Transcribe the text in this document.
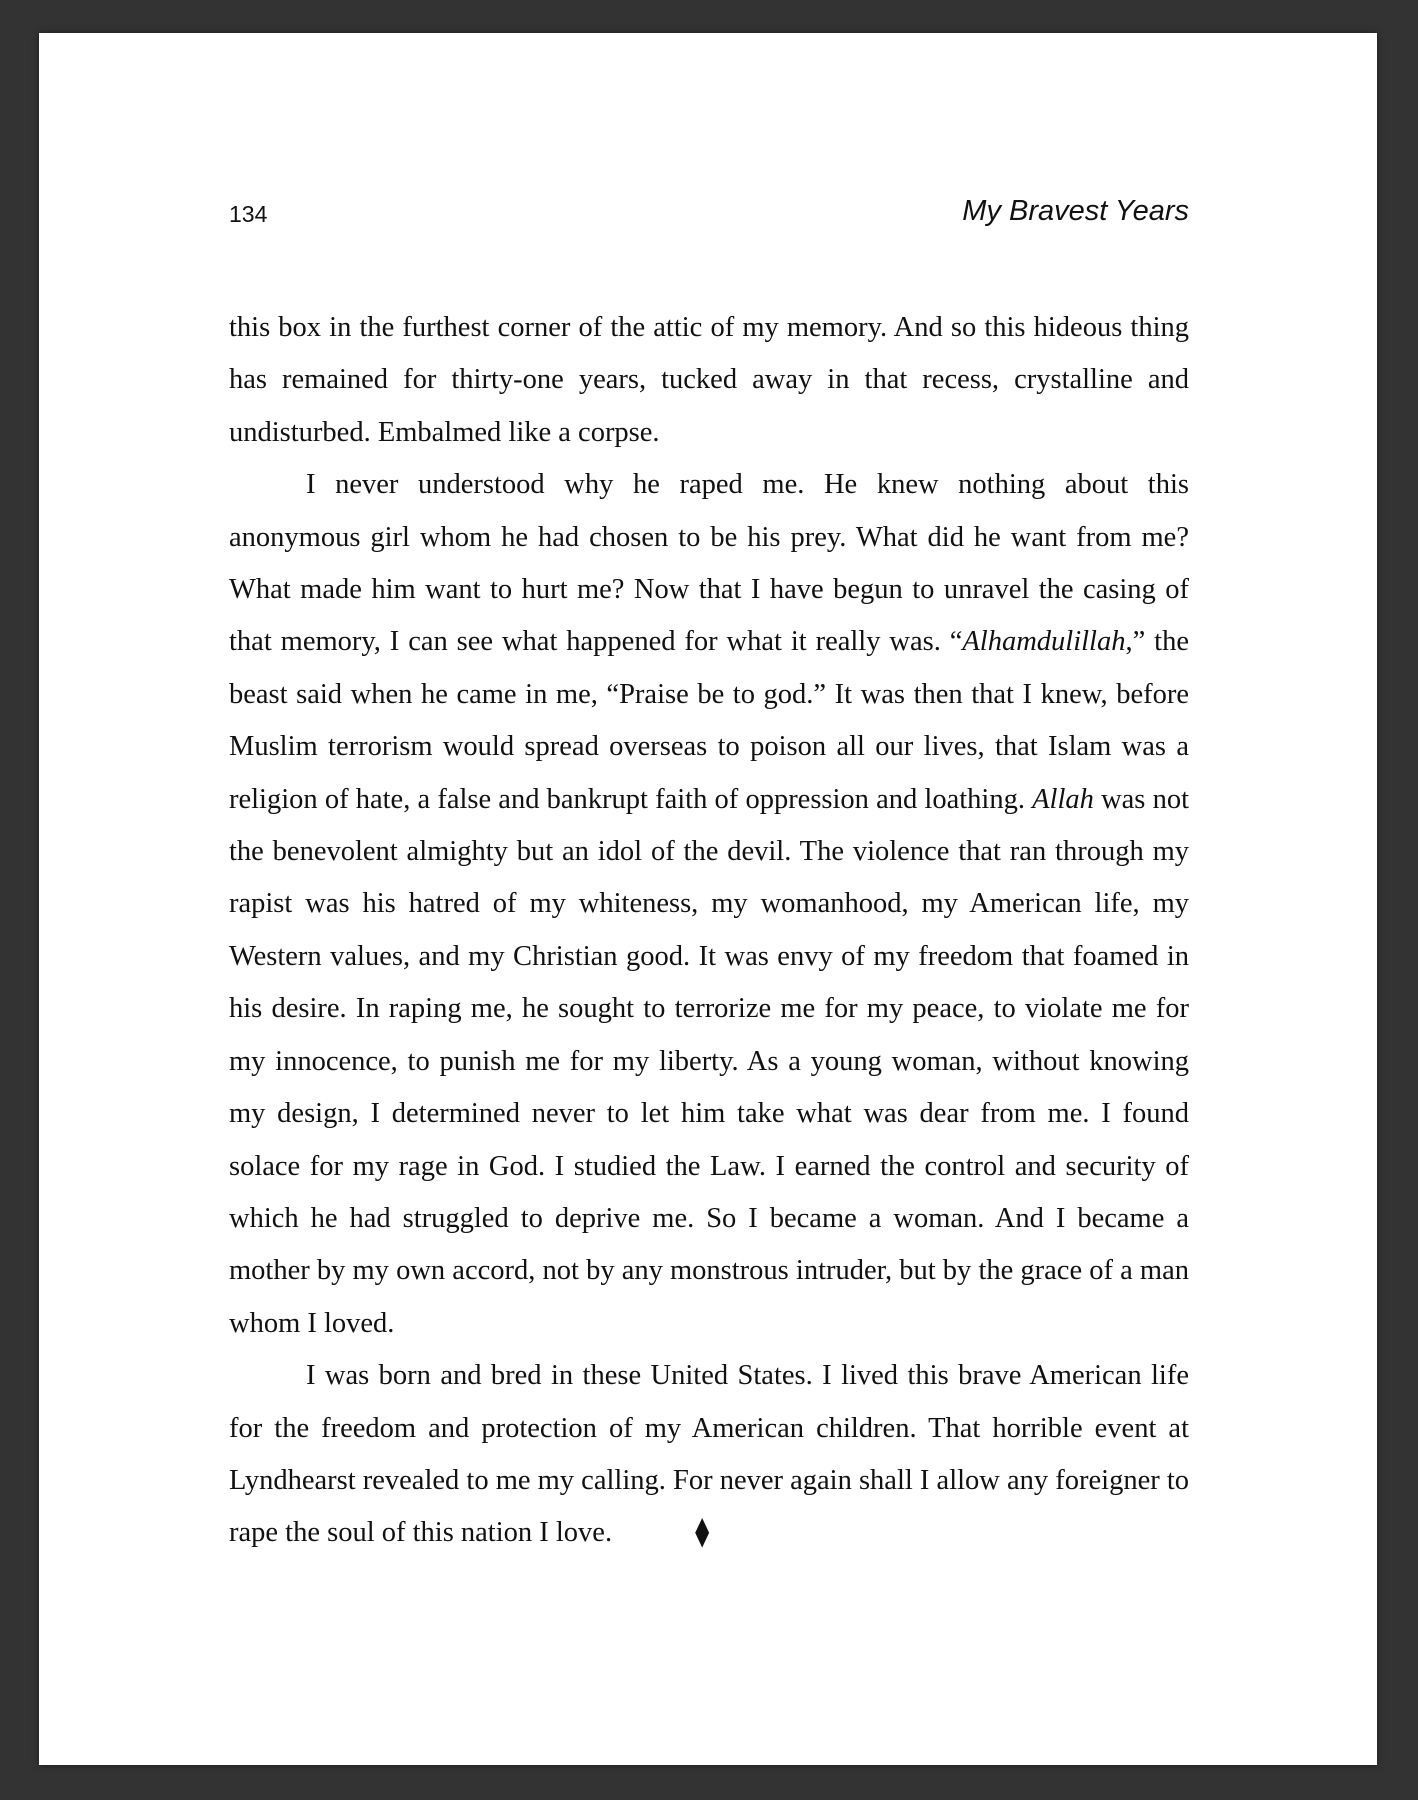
134	My Bravest Years

this box in the furthest corner of the attic of my memory. And so this hideous thing has remained for thirty-one years, tucked away in that recess, crystalline and undisturbed. Embalmed like a corpse.

I never understood why he raped me. He knew nothing about this anonymous girl whom he had chosen to be his prey. What did he want from me? What made him want to hurt me? Now that I have begun to unravel the casing of that memory, I can see what happened for what it really was. “Alhamdulillah,” the beast said when he came in me, “Praise be to god.” It was then that I knew, before Muslim terrorism would spread overseas to poison all our lives, that Islam was a religion of hate, a false and bankrupt faith of oppression and loathing. Allah was not the benevolent almighty but an idol of the devil. The violence that ran through my rapist was his hatred of my whiteness, my womanhood, my American life, my Western values, and my Christian good. It was envy of my freedom that foamed in his desire. In raping me, he sought to terrorize me for my peace, to violate me for my innocence, to punish me for my liberty. As a young woman, without knowing my design, I determined never to let him take what was dear from me. I found solace for my rage in God. I studied the Law. I earned the control and security of which he had struggled to deprive me. So I became a woman. And I became a mother by my own accord, not by any monstrous intruder, but by the grace of a man whom I loved.

I was born and bred in these United States. I lived this brave American life for the freedom and protection of my American children. That horrible event at Lyndhearst revealed to me my calling. For never again shall I allow any foreigner to rape the soul of this nation I love.	⧫
